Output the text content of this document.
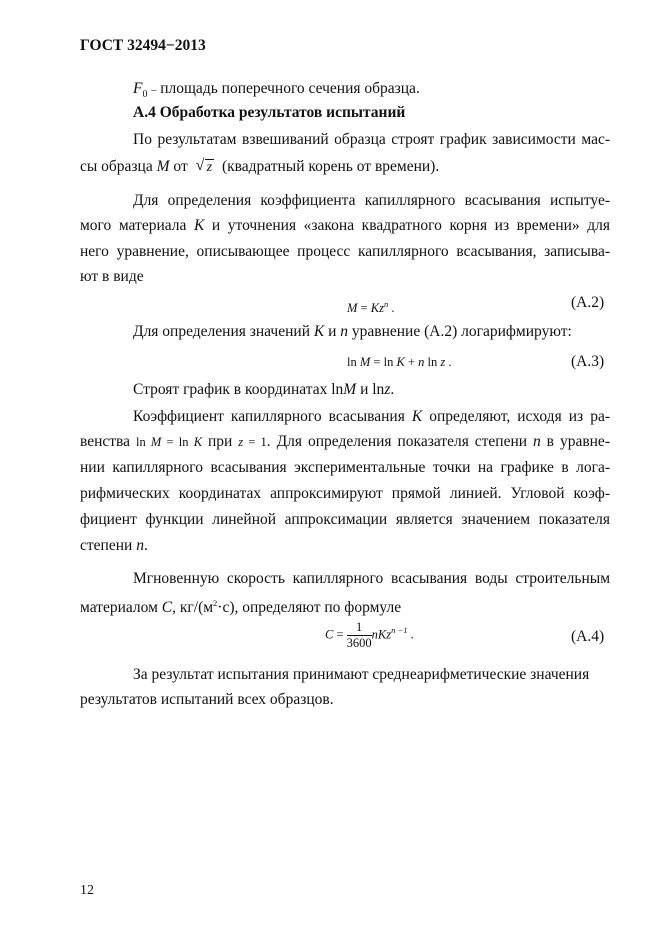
ГОСТ 32494−2013
$F_0$ – площадь поперечного сечения образца.
А.4 Обработка результатов испытаний
По результатам взвешиваний образца строят график зависимости мас-
сы образца M от √ z (квадратный корень от времени).
Для определения коэффициента капиллярного всасывания испытуе-
мого материала K и уточнения «закона квадратного корня из времени» для
него уравнение, описывающее процесс капиллярного всасывания, записыва-
ют в виде
$M = Kz^n$ .	(А.2)
Для определения значений K и n уравнение (А.2) логарифмируют:
ln M = ln K + n ln z .	(А.3)
Строят график в координатах lnM и lnz.
Коэффициент капиллярного всасывания K определяют, исходя из ра-
венства ln M = ln K при z = 1. Для определения показателя степени n в уравне-
нии капиллярного всасывания экспериментальные точки на графике в лога-
рифмических координатах аппроксимируют прямой линией. Угловой коэф-
фициент функции линейной аппроксимации является значением показателя
степени n.
Мгновенную скорость капиллярного всасывания воды строительным
материалом C, $кг/(м^2\cdot с)$, определяют по формуле
$C = \frac{1}{3600} nKz^{n -1}$ .	(А.4)
За результат испытания принимают среднеарифметические значения
результатов испытаний всех образцов.
12
